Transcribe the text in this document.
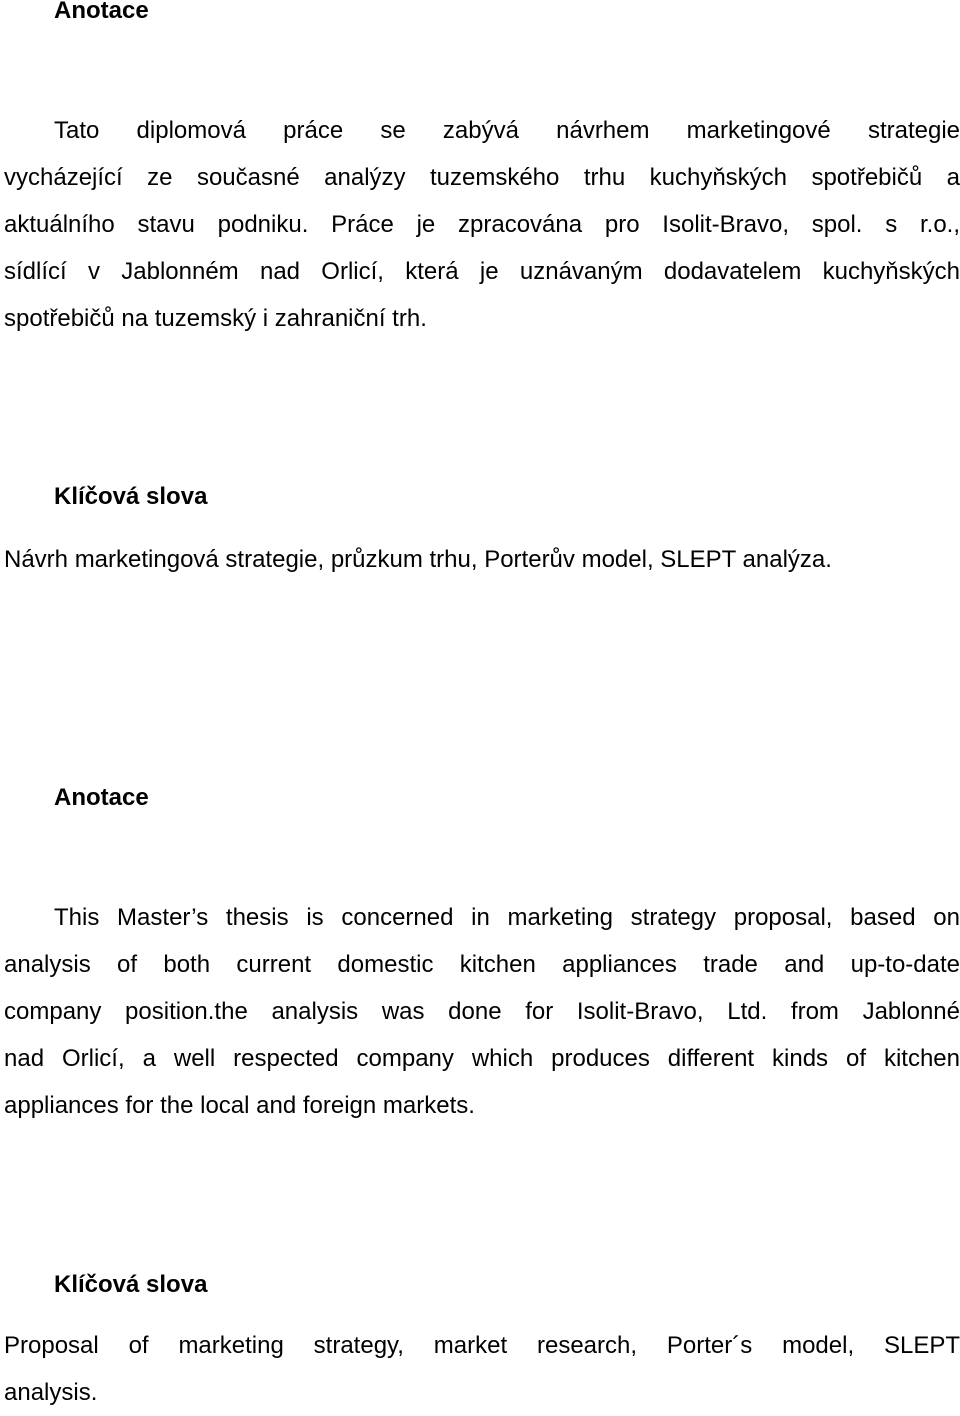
Anotace
Tato diplomová práce se zabývá návrhem marketingové strategie
vycházející ze současné analýzy tuzemského trhu kuchyňských spotřebičů a
aktuálního stavu podniku. Práce je zpracována pro Isolit-Bravo, spol. s r.o.,
sídlící v Jablonném nad Orlicí, která je uznávaným dodavatelem kuchyňských
spotřebičů na tuzemský i zahraniční trh.
Klíčová slova

Návrh marketingová strategie, průzkum trhu, Porterův model, SLEPT analýza.

Anotace
This Master’s thesis is concerned in marketing strategy proposal, based on
analysis of both current domestic kitchen appliances trade and up-to-date
company position.the analysis was done for Isolit-Bravo, Ltd. from Jablonné
nad Orlicí, a well respected company which produces different kinds of kitchen
appliances for the local and foreign markets.
Klíčová slova
Proposal of marketing strategy, market research, Porter´s model, SLEPT
analysis.
